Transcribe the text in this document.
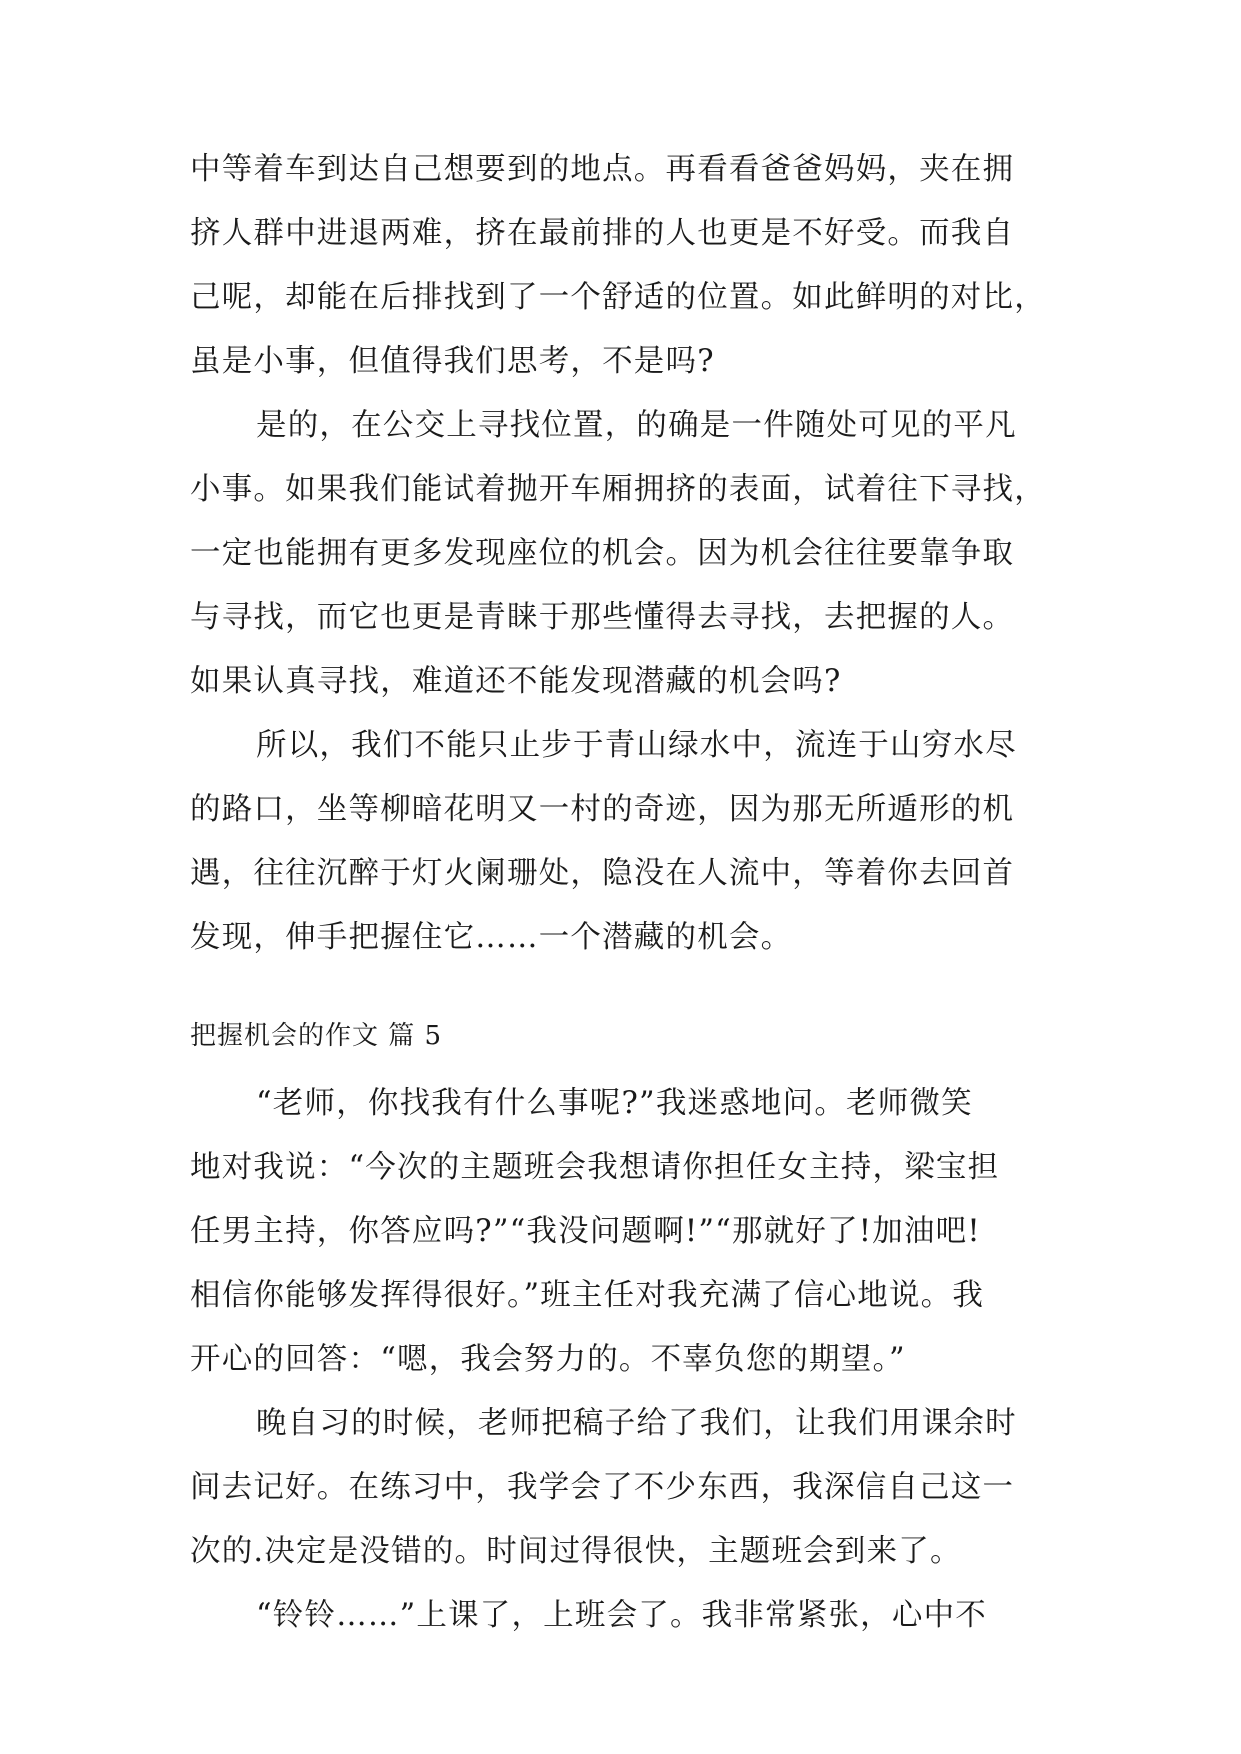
中等着车到达自己想要到的地点。再看看爸爸妈妈，夹在拥
挤人群中进退两难，挤在最前排的人也更是不好受。而我自
己呢，却能在后排找到了一个舒适的位置。如此鲜明的对比，
虽是小事，但值得我们思考，不是吗?
是的，在公交上寻找位置，的确是一件随处可见的平凡
小事。如果我们能试着抛开车厢拥挤的表面，试着往下寻找，
一定也能拥有更多发现座位的机会。因为机会往往要靠争取
与寻找，而它也更是青睐于那些懂得去寻找，去把握的人。
如果认真寻找，难道还不能发现潜藏的机会吗?
所以，我们不能只止步于青山绿水中，流连于山穷水尽
的路口，坐等柳暗花明又一村的奇迹，因为那无所遁形的机
遇，往往沉醉于灯火阑珊处，隐没在人流中，等着你去回首
发现，伸手把握住它……一个潜藏的机会。
把握机会的作文 篇 5
“老师，你找我有什么事呢?”我迷惑地问。老师微笑
地对我说：“今次的主题班会我想请你担任女主持，梁宝担
任男主持，你答应吗?”“我没问题啊!”“那就好了!加油吧!
相信你能够发挥得很好。”班主任对我充满了信心地说。我
开心的回答：“嗯，我会努力的。不辜负您的期望。”
晚自习的时候，老师把稿子给了我们，让我们用课余时
间去记好。在练习中，我学会了不少东西，我深信自己这一
次的.决定是没错的。时间过得很快，主题班会到来了。
“铃铃……”上课了，上班会了。我非常紧张，心中不
